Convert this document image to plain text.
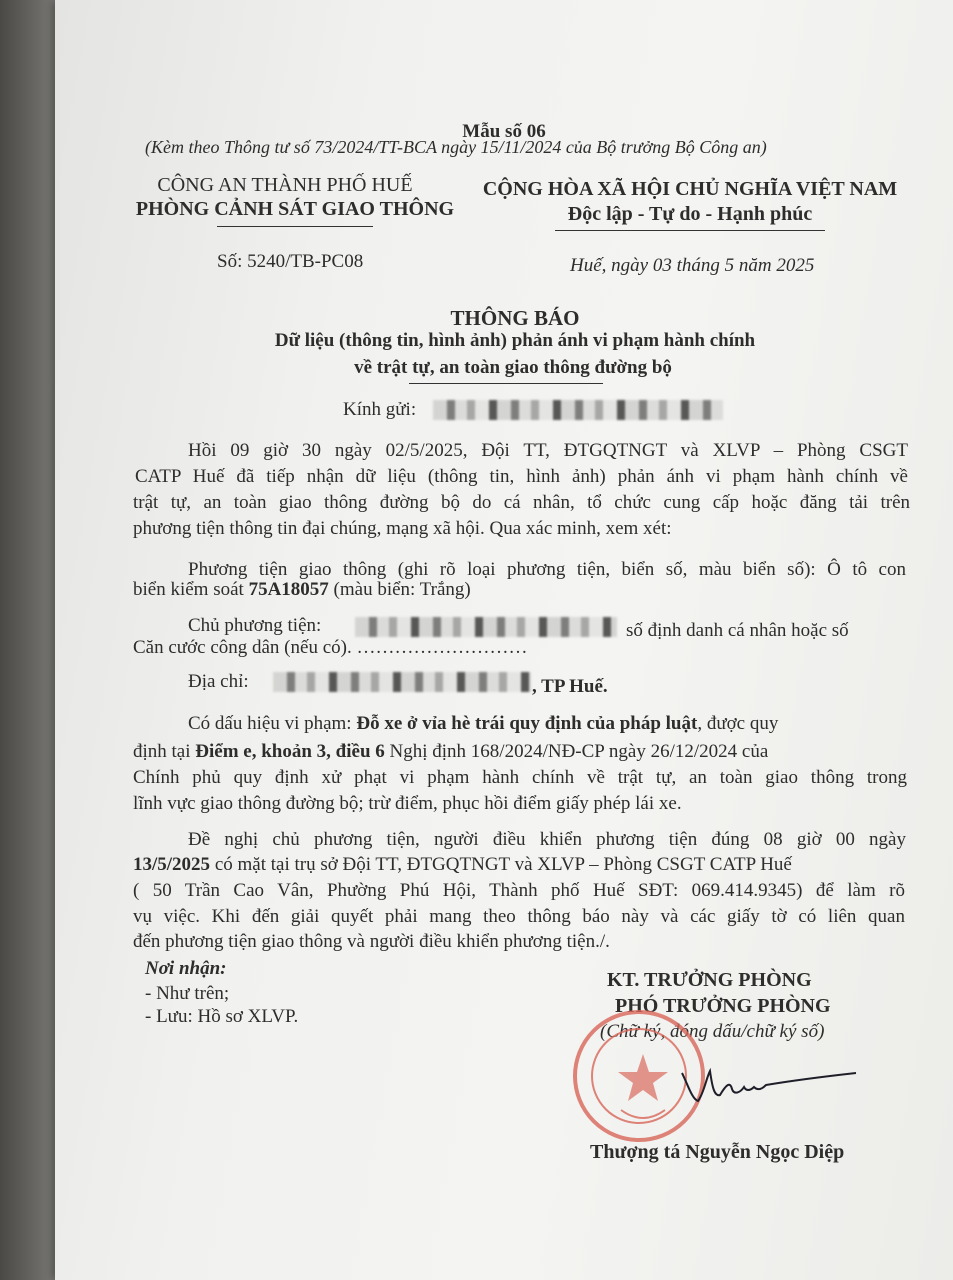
Mẫu số 06
(Kèm theo Thông tư số 73/2024/TT-BCA ngày 15/11/2024 của Bộ trưởng Bộ Công an)
CÔNG AN THÀNH PHỐ HUẾ
PHÒNG CẢNH SÁT GIAO THÔNG
CỘNG HÒA XÃ HỘI CHỦ NGHĨA VIỆT NAM
Độc lập - Tự do - Hạnh phúc
Số: 5240/TB-PC08	Huế, ngày 03 tháng 5 năm 2025
THÔNG BÁO
Dữ liệu (thông tin, hình ảnh) phản ánh vi phạm hành chính
về trật tự, an toàn giao thông đường bộ
Kính gửi:
Hồi 09 giờ 30 ngày 02/5/2025, Đội TT, ĐTGQTNGT và XLVP – Phòng CSGT
CATP Huế đã tiếp nhận dữ liệu (thông tin, hình ảnh) phản ánh vi phạm hành chính về
trật tự, an toàn giao thông đường bộ do cá nhân, tổ chức cung cấp hoặc đăng tải trên
phương tiện thông tin đại chúng, mạng xã hội. Qua xác minh, xem xét:
Phương tiện giao thông (ghi rõ loại phương tiện, biển số, màu biển số): Ô tô con
biển kiểm soát 75A18057 (màu biển: Trắng)
Chủ phương tiện:	số định danh cá nhân hoặc số
Căn cước công dân (nếu có). ………………………
Địa chỉ:	, TP Huế.
Có dấu hiệu vi phạm: Đỗ xe ở vỉa hè trái quy định của pháp luật, được quy
định tại Điểm e, khoản 3, điều 6 Nghị định 168/2024/NĐ-CP ngày 26/12/2024 của
Chính phủ quy định xử phạt vi phạm hành chính về trật tự, an toàn giao thông trong
lĩnh vực giao thông đường bộ; trừ điểm, phục hồi điểm giấy phép lái xe.
Đề nghị chủ phương tiện, người điều khiển phương tiện đúng 08 giờ 00 ngày
13/5/2025 có mặt tại trụ sở Đội TT, ĐTGQTNGT và XLVP – Phòng CSGT CATP Huế
( 50 Trần Cao Vân, Phường Phú Hội, Thành phố Huế SĐT: 069.414.9345) để làm rõ
vụ việc. Khi đến giải quyết phải mang theo thông báo này và các giấy tờ có liên quan
đến phương tiện giao thông và người điều khiển phương tiện./.
Nơi nhận:
- Như trên;
- Lưu: Hồ sơ XLVP.
KT. TRƯỞNG PHÒNG
PHÓ TRƯỞNG PHÒNG
(Chữ ký, đóng dấu/chữ ký số)
Thượng tá Nguyễn Ngọc Diệp
